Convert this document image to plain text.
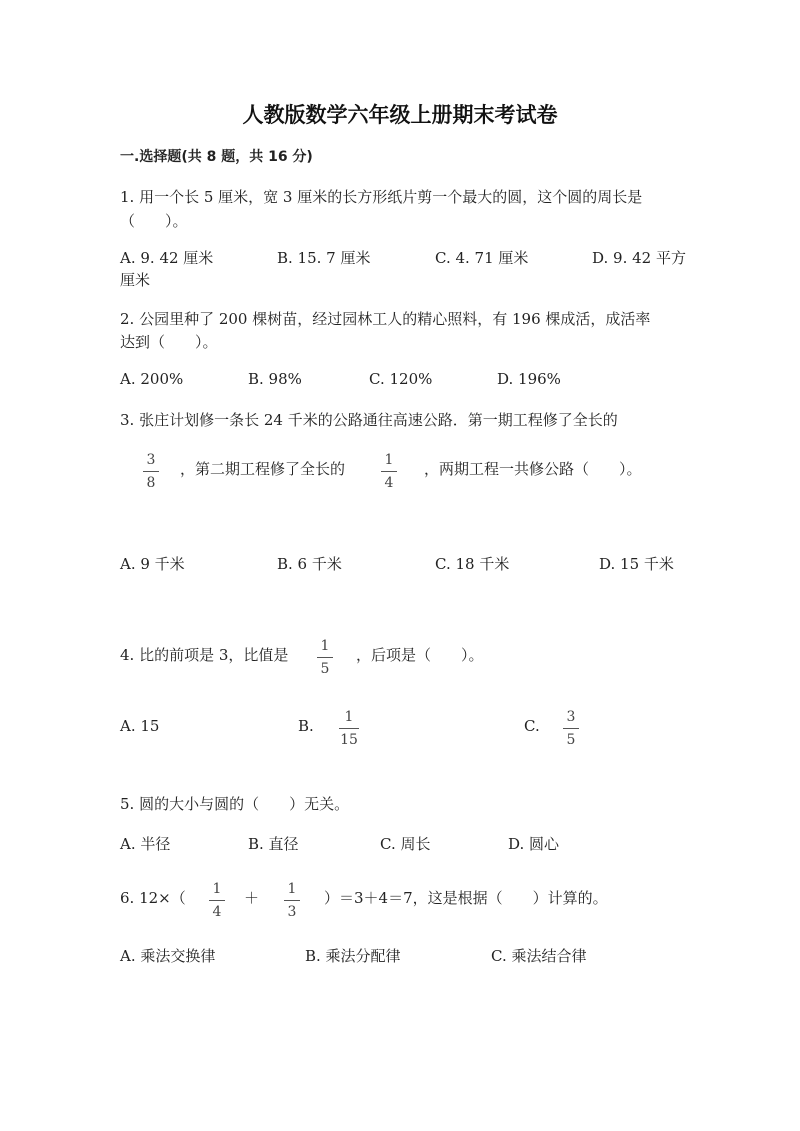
人教版数学六年级上册期末考试卷
一.选择题(共 8 题，共 16 分)
1. 用一个长 5 厘米，宽 3 厘米的长方形纸片剪一个最大的圆，这个圆的周长是
（　　）。
A. 9. 42 厘米	B. 15. 7 厘米	C. 4. 71 厘米	D. 9. 42 平方
厘米
2. 公园里种了 200 棵树苗，经过园林工人的精心照料，有 196 棵成活，成活率
达到（　　）。
A. 200%	B. 98%	C. 120%	D. 196%
3. 张庄计划修一条长 24 千米的公路通往高速公路．第一期工程修了全长的
3
8
，第二期工程修了全长的	1
4
，两期工程一共修公路（　　）。
A. 9 千米	B. 6 千米	C. 18 千米	D. 15 千米
4. 比的前项是 3，比值是	1
5
，后项是（　　）。
A. 15	B.	1
15
C.	3
5
5. 圆的大小与圆的（　　）无关。
A. 半径	B. 直径	C. 周长	D. 圆心
6. 12×（	1
4
＋	1
3
）＝3＋4＝7，这是根据（　　）计算的。
A. 乘法交换律	B. 乘法分配律	C. 乘法结合律
